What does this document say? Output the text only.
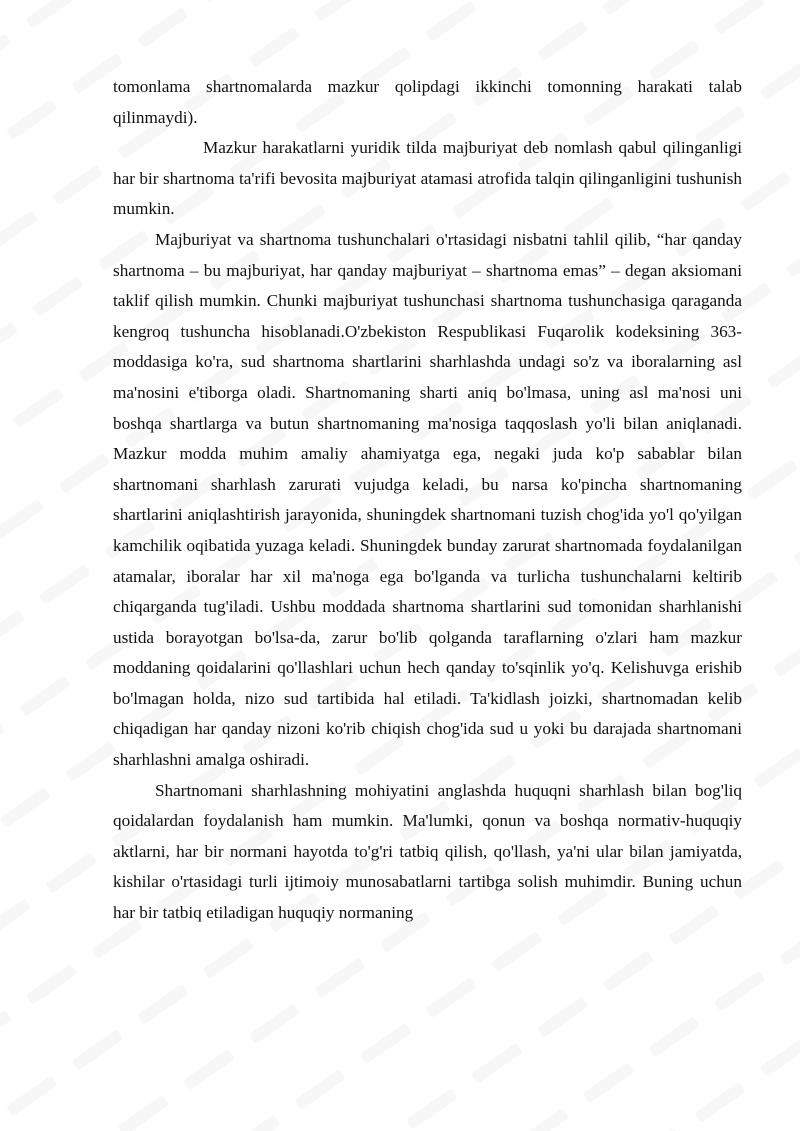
tomonlama shartnomalarda mazkur qolipdagi ikkinchi tomonning harakati talab qilinmaydi).

Mazkur harakatlarni yuridik tilda majburiyat deb nomlash qabul qilinganligi har bir shartnoma ta'rifi bevosita majburiyat atamasi atrofida talqin qilinganligini tushunish mumkin.

Majburiyat va shartnoma tushunchalari o'rtasidagi nisbatni tahlil qilib, “har qanday shartnoma – bu majburiyat, har qanday majburiyat – shartnoma emas” – degan aksiomani taklif qilish mumkin. Chunki majburiyat tushunchasi shartnoma tushunchasiga qaraganda kengroq tushuncha hisoblanadi.O'zbekiston Respublikasi Fuqarolik kodeksining 363-moddasiga ko'ra, sud shartnoma shartlarini sharhlashda undagi so'z va iboralarning asl ma'nosini e'tiborga oladi. Shartnomaning sharti aniq bo'lmasa, uning asl ma'nosi uni boshqa shartlarga va butun shartnomaning ma'nosiga taqqoslash yo'li bilan aniqlanadi. Mazkur modda muhim amaliy ahamiyatga ega, negaki juda ko'p sabablar bilan shartnomani sharhlash zarurati vujudga keladi, bu narsa ko'pincha shartnomaning shartlarini aniqlashtirish jarayonida, shuningdek shartnomani tuzish chog'ida yo'l qo'yilgan kamchilik oqibatida yuzaga keladi. Shuningdek bunday zarurat shartnomada foydalanilgan atamalar, iboralar har xil ma'noga ega bo'lganda va turlicha tushunchalarni keltirib chiqarganda tug'iladi. Ushbu moddada shartnoma shartlarini sud tomonidan sharhlanishi ustida borayotgan bo'lsa-da, zarur bo'lib qolganda taraflarning o'zlari ham mazkur moddaning qoidalarini qo'llashlari uchun hech qanday to'sqinlik yo'q. Kelishuvga erishib bo'lmagan holda, nizo sud tartibida hal etiladi. Ta'kidlash joizki, shartnomadan kelib chiqadigan har qanday nizoni ko'rib chiqish chog'ida sud u yoki bu darajada shartnomani sharhlashni amalga oshiradi.

Shartnomani sharhlashning mohiyatini anglashda huquqni sharhlash bilan bog'liq qoidalardan foydalanish ham mumkin. Ma'lumki, qonun va boshqa normativ-huquqiy aktlarni, har bir normani hayotda to'g'ri tatbiq qilish, qo'llash, ya'ni ular bilan jamiyatda, kishilar o'rtasidagi turli ijtimoiy munosabatlarni tartibga solish muhimdir. Buning uchun har bir tatbiq etiladigan huquqiy normaning
